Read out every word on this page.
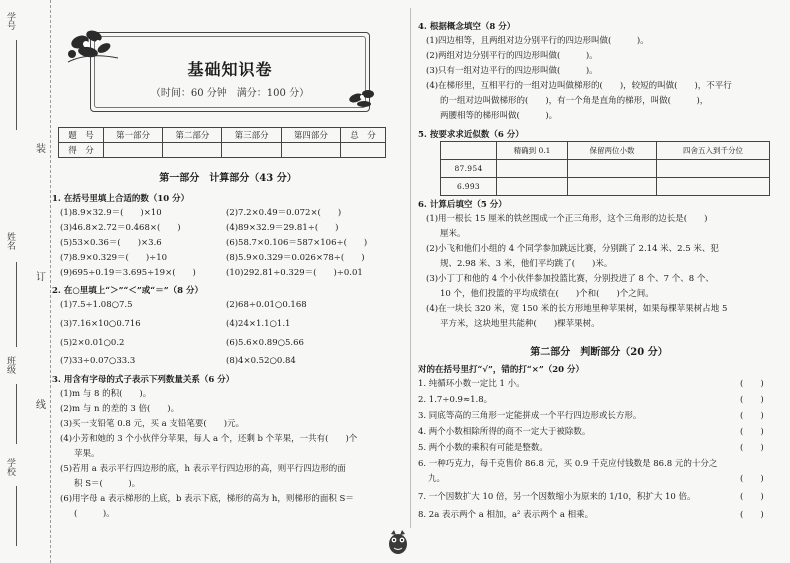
学号
姓名
班级
学校
装
订
线
基础知识卷
（时间：60 分钟　满分：100 分）
题　号	第一部分	第二部分	第三部分	第四部分	总　分
得　分					
第一部分　计算部分（43 分）
1. 在括号里填上合适的数（10 分）
(1)8.9×32.9＝(　　)×10	(2)7.2×0.49＝0.072×(　　)
(3)46.8×2.72＝0.468×(　　)	(4)89×32.9＝29.81÷(　　)
(5)53×0.36＝(　　)×3.6	(6)58.7×0.106＝587×106÷(　　)
(7)8.9×0.329＝(　　)÷10	(8)5.9×0.329＝0.026×78÷(　　)
(9)695÷0.19＝3.695÷19×(　　)	(10)292.81÷0.329＝(　　)÷0.01
2. 在○里填上“＞”“＜”或“＝”（8 分）
(1)7.5÷1.08○7.5	(2)68÷0.01○0.168
(3)7.16×10○0.716	(4)24×1.1○1.1
(5)2×0.01○0.2	(6)5.6×0.89○5.66
(7)33÷0.07○33.3	(8)4×0.52○0.84
3. 用含有字母的式子表示下列数量关系（6 分）
(1)m 与 8 的积(　　)。
(2)m 与 n 的差的 3 倍(　　)。
(3)买一支铅笔 0.8 元，买 a 支铅笔要(　　)元。
(4)小芳和她的 3 个小伙伴分苹果，每人 a 个，还剩 b 个苹果，一共有(　　)个
苹果。
(5)若用 a 表示平行四边形的底，h 表示平行四边形的高，则平行四边形的面
积 S＝(　　　)。
(6)用字母 a 表示梯形的上底，b 表示下底，梯形的高为 h，则梯形的面积 S＝
(　　　)。
4. 根据概念填空（8 分）
(1)四边相等，且两组对边分别平行的四边形叫做(　　　)。
(2)两组对边分别平行的四边形叫做(　　　)。
(3)只有一组对边平行的四边形叫做(　　　)。
(4)在梯形里，互相平行的一组对边叫做梯形的(　　)，较短的叫做(　　)，不平行
的一组对边叫做梯形的(　　)，有一个角是直角的梯形，叫做(　　　)，
两腰相等的梯形叫做(　　　)。
5. 按要求求近似数（6 分）
	精确到 0.1	保留两位小数	四舍五入到千分位
87.954̇			
6.9̇9̇3			
6. 计算后填空（5 分）
(1)用一根长 15 厘米的铁丝围成一个正三角形，这个三角形的边长是(　　)
厘米。
(2)小飞和他们小组的 4 个同学参加跳远比赛，分别跳了 2.14 米、2.5 米、犯
规、2.98 米、3 米，他们平均跳了(　　)米。
(3)小丁丁和他的 4 个小伙伴参加投篮比赛，分别投进了 8 个、7 个、8 个、
10 个，他们投篮的平均成绩在(　　)个和(　　)个之间。
(4)在一块长 320 米，宽 150 米的长方形地里种苹果树，如果每棵苹果树占地 5
平方米，这块地里共能种(　　)棵苹果树。
第二部分　判断部分（20 分）
对的在括号里打“√”，错的打“×”（20 分）
1. 纯循环小数一定比 1 小。	(　　)
2. 1.7÷0.9≈1.8。	(　　)
3. 同底等高的三角形一定能拼成一个平行四边形或长方形。	(　　)
4. 两个小数相除所得的商不一定大于被除数。	(　　)
5. 两个小数的乘积有可能是整数。	(　　)
6. 一种巧克力，每千克售价 86.8 元，买 0.9 千克应付钱数是 86.8 元的十分之
九。	(　　)
7. 一个因数扩大 10 倍，另一个因数缩小为原来的 1/10，积扩大 10 倍。	(　　)
8. 2a 表示两个 a 相加，a² 表示两个 a 相乘。	(　　)
